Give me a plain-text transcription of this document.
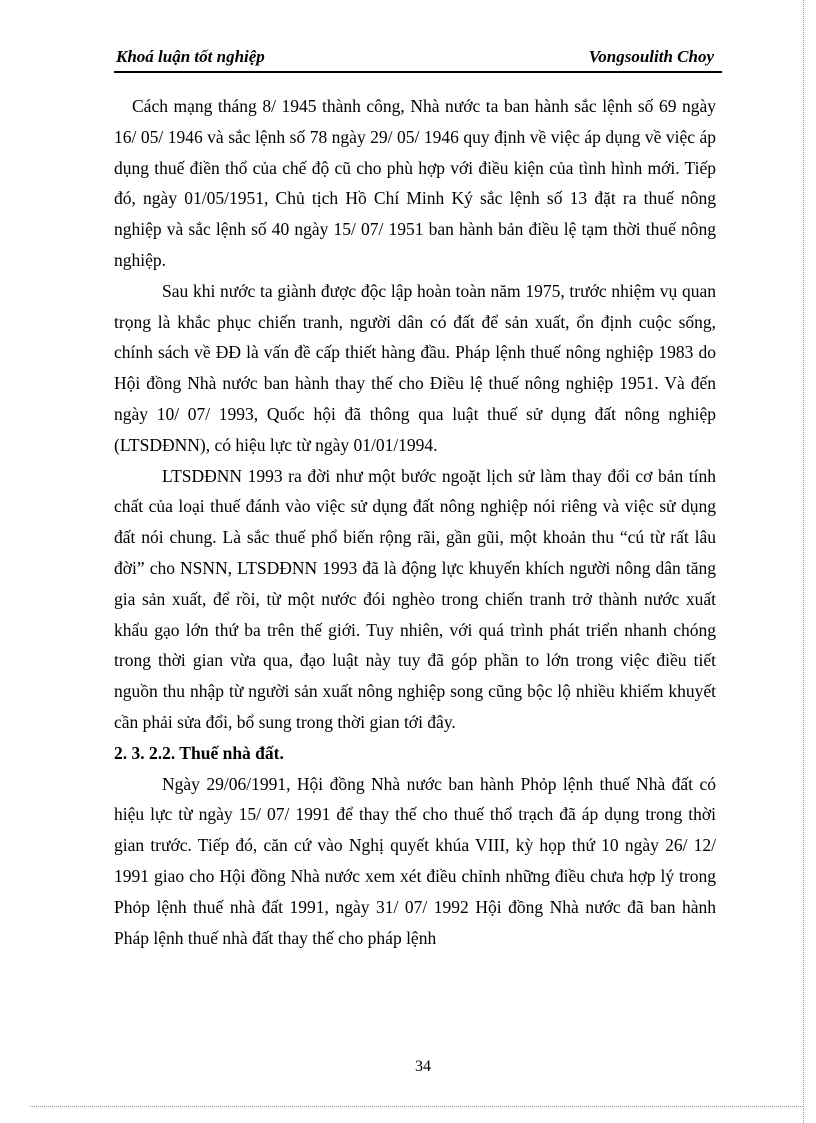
Khoá luận tốt nghiệp	Vongsoulith Choy

Cách mạng tháng 8/ 1945 thành công, Nhà nước ta ban hành sắc lệnh số 69 ngày 16/ 05/ 1946 và sắc lệnh số 78 ngày 29/ 05/ 1946 quy định về việc áp dụng về việc áp dụng thuế điền thổ của chế độ cũ cho phù hợp với điều kiện của tình hình mới. Tiếp đó, ngày 01/05/1951, Chủ tịch Hồ Chí Minh Ký sắc lệnh số 13 đặt ra thuế nông nghiệp và sắc lệnh số 40 ngày 15/ 07/ 1951 ban hành bản điều lệ tạm thời thuế nông nghiệp.

Sau khi nước ta giành được độc lập hoàn toàn năm 1975, trước nhiệm vụ quan trọng là khắc phục chiến tranh, người dân có đất để sản xuất, ổn định cuộc sống, chính sách về ĐĐ là vấn đề cấp thiết hàng đầu. Pháp lệnh thuế nông nghiệp 1983 do Hội đồng Nhà nước ban hành thay thế cho Điều lệ thuế nông nghiệp 1951. Và đến ngày 10/ 07/ 1993, Quốc hội đã thông qua luật thuế sử dụng đất nông nghiệp (LTSDĐNN), có hiệu lực từ ngày 01/01/1994.

LTSDĐNN 1993 ra đời như một bước ngoặt lịch sử làm thay đổi cơ bản tính chất của loại thuế đánh vào việc sử dụng đất nông nghiệp nói riêng và việc sử dụng đất nói chung. Là sắc thuế phổ biến rộng rãi, gần gũi, một khoản thu “cú từ rất lâu đời” cho NSNN, LTSDĐNN 1993 đã là động lực khuyến khích người nông dân tăng gia sản xuất, để rồi, từ một nước đói nghèo trong chiến tranh trở thành nước xuất khẩu gạo lớn thứ ba trên thế giới. Tuy nhiên, với quá trình phát triển nhanh chóng trong thời gian vừa qua, đạo luật này tuy đã góp phần to lớn trong việc điều tiết nguồn thu nhập từ người sản xuất nông nghiệp song cũng bộc lộ nhiều khiếm khuyết cần phải sửa đổi, bổ sung trong thời gian tới đây.

2. 3. 2.2. Thuế nhà đất.

Ngày 29/06/1991, Hội đồng Nhà nước ban hành Phỏp lệnh thuế Nhà đất có hiệu lực từ ngày 15/ 07/ 1991 để thay thế cho thuế thổ trạch đã áp dụng trong thời gian trước. Tiếp đó, căn cứ vào Nghị quyết khúa VIII, kỳ họp thứ 10 ngày 26/ 12/ 1991 giao cho Hội đồng Nhà nước xem xét điều chỉnh những điều chưa hợp lý trong Phỏp lệnh thuế nhà đất 1991, ngày 31/ 07/ 1992 Hội đồng Nhà nước đã ban hành Pháp lệnh thuế nhà đất thay thế cho pháp lệnh

34
